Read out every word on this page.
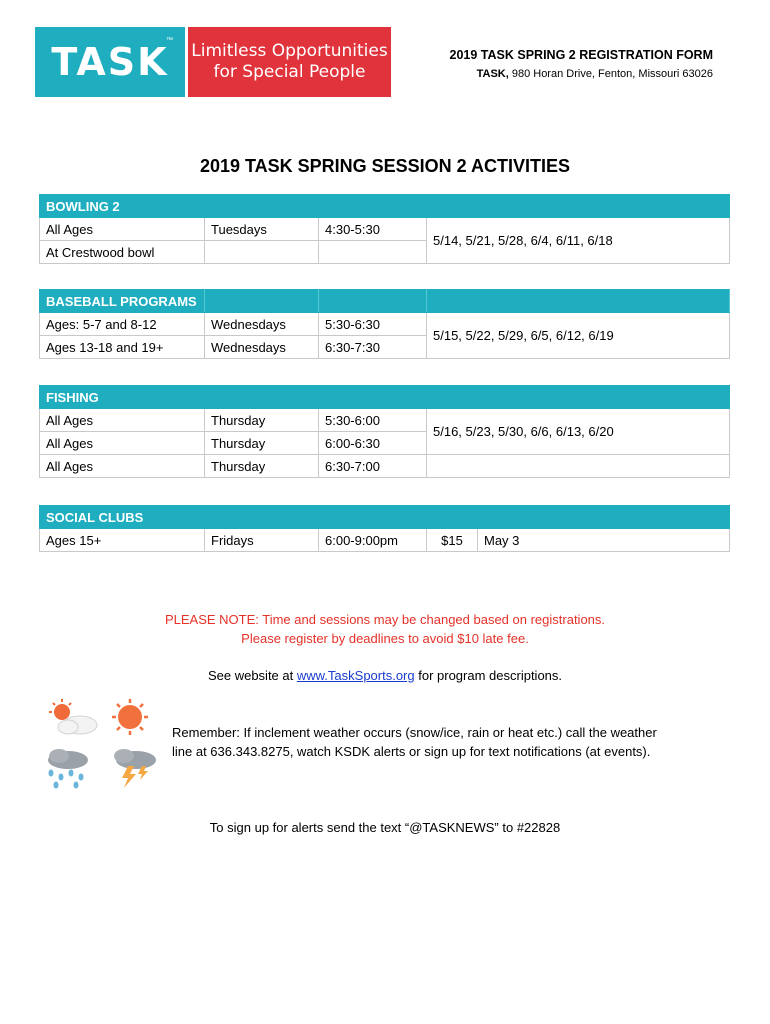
TASK
™
Limitless Opportunities
for Special People
2019 TASK SPRING 2 REGISTRATION FORM
TASK, 980 Horan Drive, Fenton, Missouri 63026
2019 TASK SPRING SESSION 2 ACTIVITIES
BOWLING 2			
All Ages	Tuesdays	4:30-5:30	5/14, 5/21, 5/28, 6/4, 6/11, 6/18
At Crestwood bowl			
BASEBALL PROGRAMS			
Ages: 5-7 and 8-12	Wednesdays	5:30-6:30	5/15, 5/22, 5/29, 6/5, 6/12, 6/19
Ages 13-18 and 19+	Wednesdays	6:30-7:30	
FISHING			
All Ages	Thursday	5:30-6:00	5/16, 5/23, 5/30, 6/6, 6/13, 6/20
All Ages	Thursday	6:00-6:30	
All Ages	Thursday	6:30-7:00	
SOCIAL CLUBS
Ages 15+	Fridays	6:00-9:00pm	$15	May 3
PLEASE NOTE: Time and sessions may be changed based on registrations.
Please register by deadlines to avoid $10 late fee.
See website at www.TaskSports.org for program descriptions.
Remember: If inclement weather occurs (snow/ice, rain or heat etc.) call the weather
line at 636.343.8275, watch KSDK alerts or sign up for text notifications (at events).
To sign up for alerts send the text “@TASKNEWS” to #22828
